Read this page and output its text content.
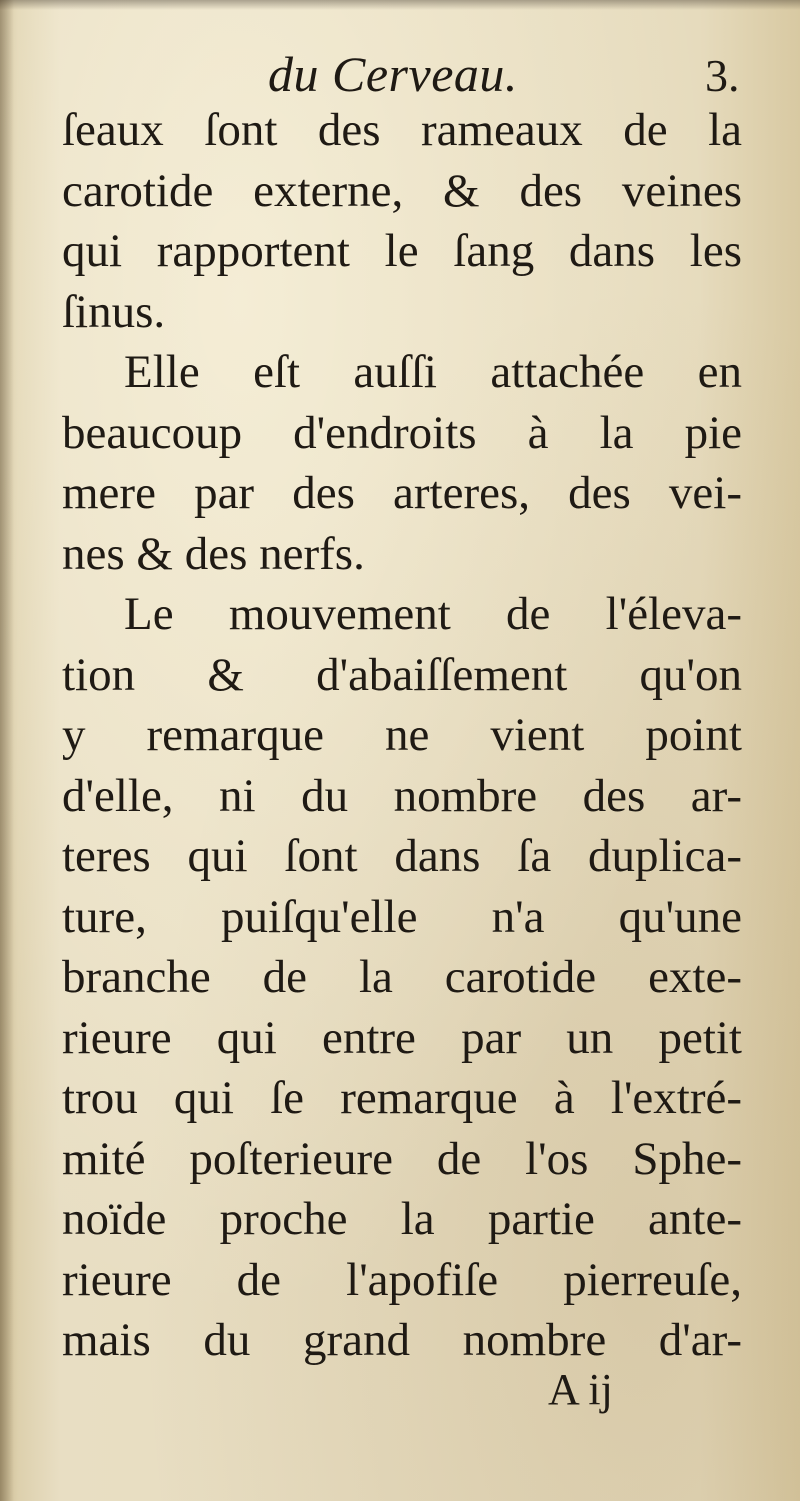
du Cerveau.	3.
ſeaux ſont des rameaux de la
carotide externe, & des veines
qui rapportent le ſang dans les
ſinus.
Elle eſt auſſi attachée en
beaucoup d'endroits à la pie
mere par des arteres, des vei-
nes & des nerfs.
Le mouvement de l'éleva-
tion & d'abaiſſement qu'on
y remarque ne vient point
d'elle, ni du nombre des ar-
teres qui ſont dans ſa duplica-
ture, puiſqu'elle n'a qu'une
branche de la carotide exte-
rieure qui entre par un petit
trou qui ſe remarque à l'extré-
mité poſterieure de l'os Sphe-
noïde proche la partie ante-
rieure de l'apofiſe pierreuſe,
mais du grand nombre d'ar-
A ij
